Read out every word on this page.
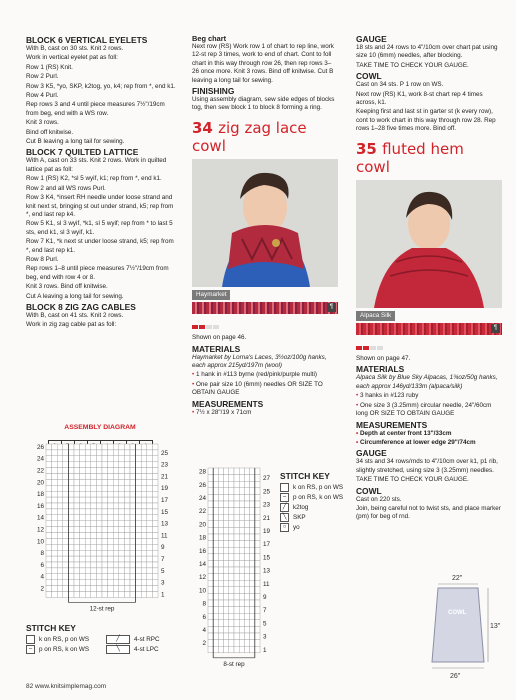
BLOCK 6 VERTICAL EYELETS

With B, cast on 30 sts. Knit 2 rows.

Work in vertical eyelet pat as foll:

Row 1 (RS) Knit.

Row 2 Purl.

Row 3 K5, *yo, SKP, k2tog, yo, k4; rep from *, end k1.

Row 4 Purl.

Rep rows 3 and 4 until piece measures 7½"/19cm from beg, end with a WS row.

Knit 3 rows.

Bind off knitwise.

Cut B leaving a long tail for sewing.

BLOCK 7 QUILTED LATTICE

With A, cast on 33 sts. Knit 2 rows. Work in quilted lattice pat as foll:

Row 1 (RS) K2, *sl 5 wyif, k1; rep from *, end k1.

Row 2 and all WS rows Purl.

Row 3 K4, *insert RH needle under loose strand and knit next st, bringing st out under strand, k5; rep from *, end last rep k4.

Row 5 K1, sl 3 wyif, *k1, sl 5 wyif; rep from * to last 5 sts, end k1, sl 3 wyif, k1.

Row 7 K1, *k next st under loose strand, k5; rep from *, end last rep k1.

Row 8 Purl.

Rep rows 1–8 until piece measures 7½"/19cm from beg, end with row 4 or 8.

Knit 3 rows. Bind off knitwise.

Cut A leaving a long tail for sewing.

BLOCK 8 ZIG ZAG CABLES

With B, cast on 41 sts. Knit 2 rows.

Work in zig zag cable pat as foll:

ASSEMBLY DIAGRAM
26
24
22
20
18
16
14
12
10
8
6
4
2
25
23
21
19
17
15
13
11
9
7
5
3
1
12-st rep
STITCH KEY
k on RS, p on WS
–	p on RS, k on WS
╱	4-st RPC
╲	4-st LPC
Beg chart

Next row (RS) Work row 1 of chart to rep line, work 12-st rep 3 times, work to end of chart. Cont to foll chart in this way through row 26, then rep rows 3–26 once more. Knit 3 rows. Bind off knitwise. Cut B leaving a long tail for sewing.

FINISHING

Using assembly diagram, sew side edges of blocks tog, then sew block 1 to block 8 forming a ring.

34 zig zag lace cowl
Haymarket
¶

Shown on page 46.

MATERIALS

Haymarket by Lorna's Laces, 3½oz/100g hanks, each approx 215yd/197m (wool)

• 1 hank in #113 byrne (red/pink/purple multi)

• One pair size 10 (6mm) needles OR SIZE TO OBTAIN GAUGE

MEASUREMENTS

• 7½ x 28"/19 x 71cm

28
26
24
22
20
18
16
14
12
10
8
6
4
2
27
25
23
21
19
17
15
13
11
9
7
5
3
1
8-st rep
STITCH KEY
k on RS, p on WS
–	p on RS, k on WS
╱	k2tog
╲	SKP
○	yo
GAUGE

18 sts and 24 rows to 4"/10cm over chart pat using size 10 (6mm) needles, after blocking.

TAKE TIME TO CHECK YOUR GAUGE.

COWL

Cast on 34 sts. P 1 row on WS.

Next row (RS) K1, work 8-st chart rep 4 times across, k1.

Keeping first and last st in garter st (k every row), cont to work chart in this way through row 28. Rep rows 1–28 five times more. Bind off.

35 fluted hem cowl
Alpaca Silk
¶

Shown on page 47.

MATERIALS

Alpaca Silk by Blue Sky Alpacas, 1¾oz/50g hanks, each approx 146yd/133m (alpaca/silk)

• 3 hanks in #123 ruby

• One size 3 (3.25mm) circular needle, 24"/60cm long OR SIZE TO OBTAIN GAUGE

MEASUREMENTS

• Depth at center front 13"/33cm

• Circumference at lower edge 29"/74cm

GAUGE

34 sts and 34 rows/rnds to 4"/10cm over k1, p1 rib, slightly stretched, using size 3 (3.25mm) needles.

TAKE TIME TO CHECK YOUR GAUGE.

COWL

Cast on 220 sts.

Join, being careful not to twist sts, and place marker (pm) for beg of rnd.

22"
COWL
13"
26"
82 www.knitsimplemag.com
